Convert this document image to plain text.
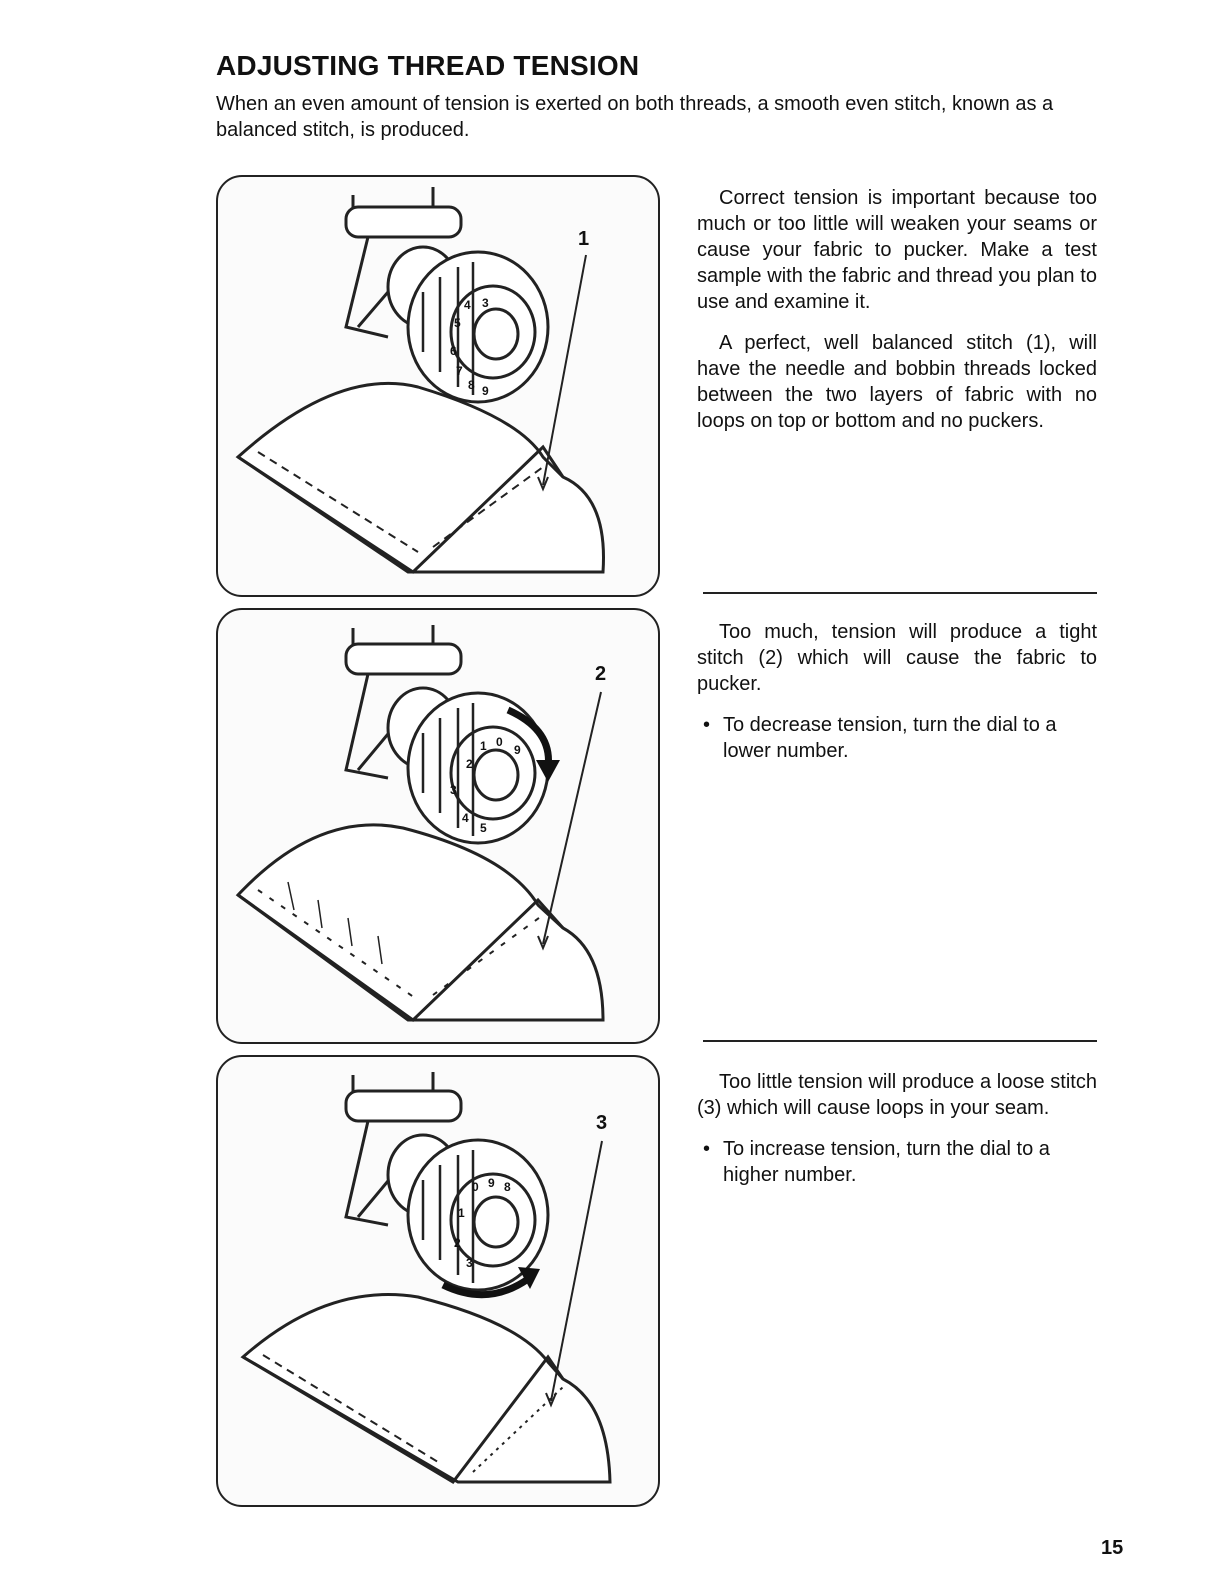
ADJUSTING THREAD TENSION

When an even amount of tension is exerted on both threads, a smooth even stitch, known as a balanced stitch, is produced.

3
4
5
6
7
8 9
1

Correct tension is important because too much or too little will weaken your seams or cause your fabric to pucker. Make a test sample with the fabric and thread you plan to use and examine it.

A perfect, well balanced stitch (1), will have the needle and bobbin threads locked between the two layers of fabric with no loops on top or bottom and no puckers.

9
0
1
2
3
4
5
2

Too much, tension will produce a tight stitch (2) which will cause the fabric to pucker.

• To decrease tension, turn the dial to a lower number.
8
9
0
1
2
3
3

Too little tension will produce a loose stitch (3) which will cause loops in your seam.

• To increase tension, turn the dial to a higher number.
15
